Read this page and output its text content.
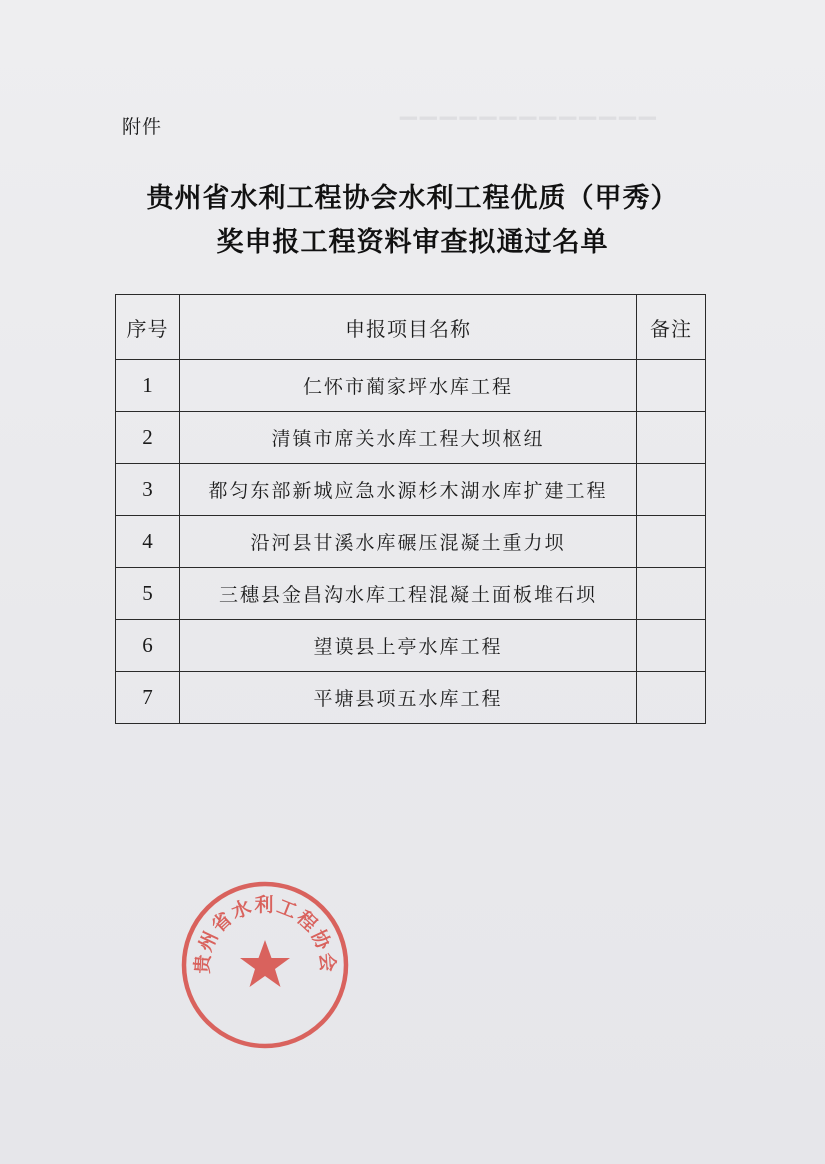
▔▔▔▔▔▔▔▔▔▔▔▔▔
附件
贵州省水利工程协会水利工程优质（甲秀）
奖申报工程资料审查拟通过名单
序号	申报项目名称	备注
1	仁怀市蔺家坪水库工程	
2	清镇市席关水库工程大坝枢纽	
3	都匀东部新城应急水源杉木湖水库扩建工程	
4	沿河县甘溪水库碾压混凝土重力坝	
5	三穗县金昌沟水库工程混凝土面板堆石坝	
6	望谟县上亭水库工程	
7	平塘县项五水库工程	
贵州省水利工程协会
